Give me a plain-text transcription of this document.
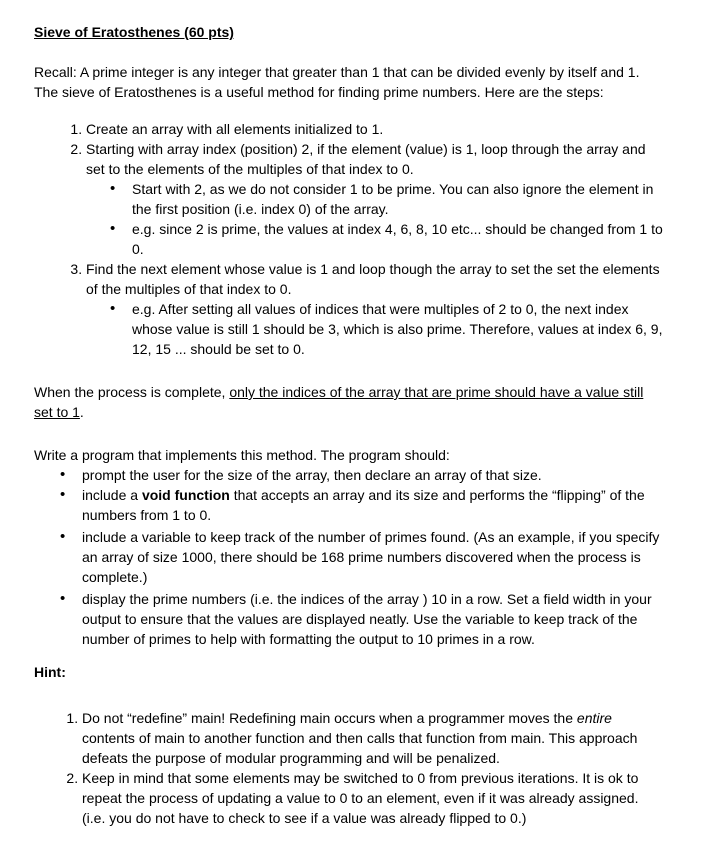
Sieve of Eratosthenes (60 pts)
Recall: A prime integer is any integer that greater than 1 that can be divided evenly by itself and 1. The sieve of Eratosthenes is a useful method for finding prime numbers. Here are the steps:
1. Create an array with all elements initialized to 1.
2. Starting with array index (position) 2, if the element (value) is 1, loop through the array and set to the elements of the multiples of that index to 0.
• Start with 2, as we do not consider 1 to be prime. You can also ignore the element in the first position (i.e. index 0) of the array.
• e.g. since 2 is prime, the values at index 4, 6, 8, 10 etc... should be changed from 1 to 0.
3. Find the next element whose value is 1 and loop though the array to set the set the elements of the multiples of that index to 0.
• e.g. After setting all values of indices that were multiples of 2 to 0, the next index whose value is still 1 should be 3, which is also prime. Therefore, values at index 6, 9, 12, 15 ... should be set to 0.
When the process is complete, only the indices of the array that are prime should have a value still set to 1.
Write a program that implements this method. The program should:
• prompt the user for the size of the array, then declare an array of that size.
• include a void function that accepts an array and its size and performs the “flipping” of the numbers from 1 to 0.
• include a variable to keep track of the number of primes found. (As an example, if you specify an array of size 1000, there should be 168 prime numbers discovered when the process is complete.)
• display the prime numbers (i.e. the indices of the array ) 10 in a row. Set a field width in your output to ensure that the values are displayed neatly. Use the variable to keep track of the number of primes to help with formatting the output to 10 primes in a row.
Hint:
1. Do not “redefine” main! Redefining main occurs when a programmer moves the entire contents of main to another function and then calls that function from main. This approach defeats the purpose of modular programming and will be penalized.
2. Keep in mind that some elements may be switched to 0 from previous iterations. It is ok to repeat the process of updating a value to 0 to an element, even if it was already assigned. (i.e. you do not have to check to see if a value was already flipped to 0.)
